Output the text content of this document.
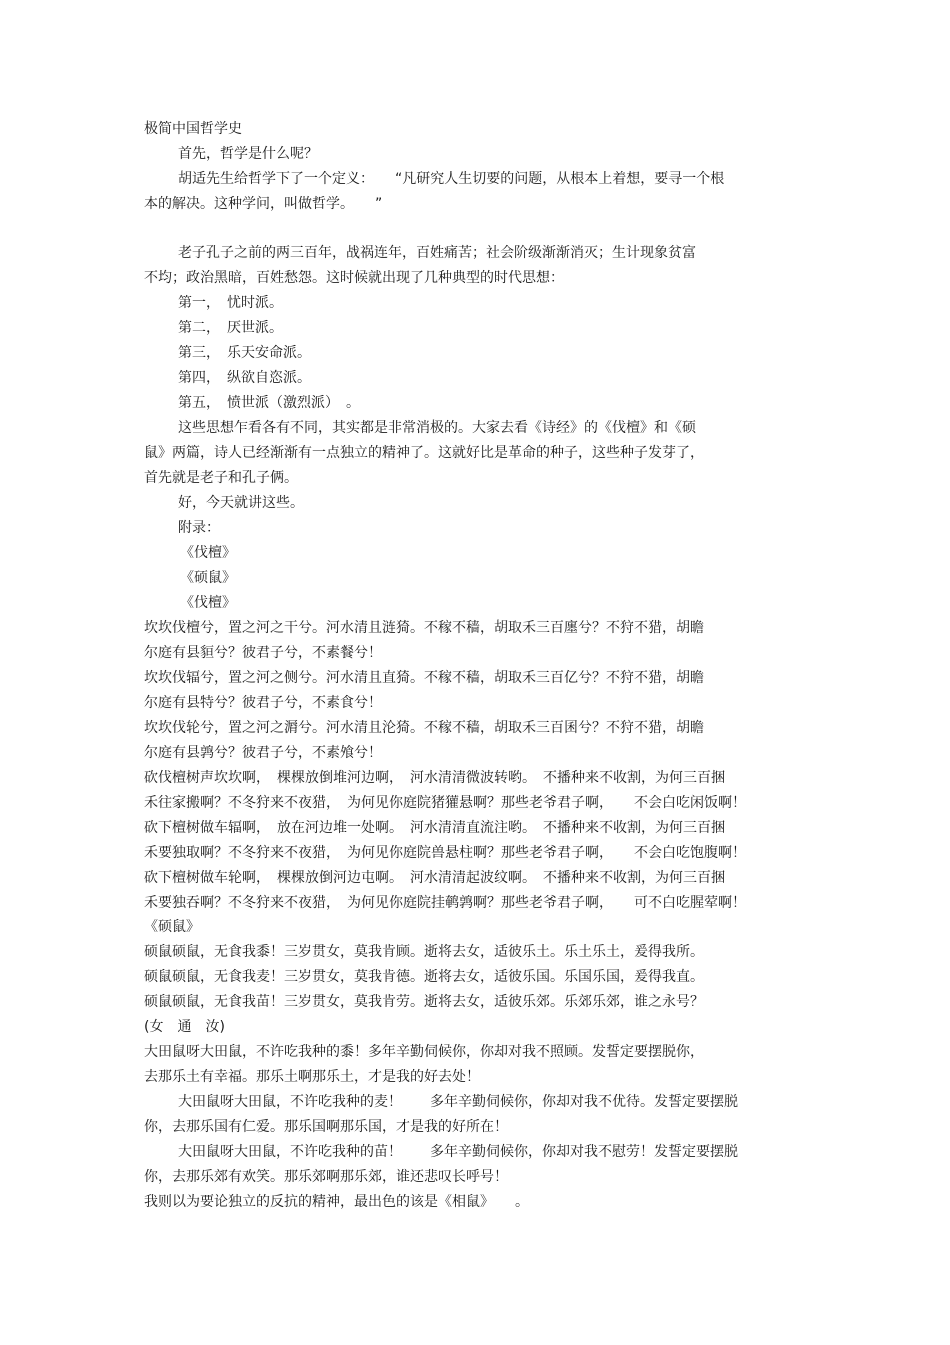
极简中国哲学史
首先，哲学是什么呢？
胡适先生给哲学下了一个定义：　　“凡研究人生切要的问题，从根本上着想，要寻一个根
本的解决。这种学问，叫做哲学。　　”
老子孔子之前的两三百年，战祸连年，百姓痛苦；社会阶级渐渐消灭；生计现象贫富
不均；政治黑暗，百姓愁怨。这时候就出现了几种典型的时代思想：
第一，　忧时派。
第二，　厌世派。
第三，　乐天安命派。
第四，　纵欲自恣派。
第五，　愤世派（激烈派）　。
这些思想乍看各有不同，其实都是非常消极的。大家去看《诗经》的《伐檀》和《硕
鼠》两篇，诗人已经渐渐有一点独立的精神了。这就好比是革命的种子，这些种子发芽了，
首先就是老子和孔子俩。
好，今天就讲这些。
附录：
《伐檀》
《硕鼠》
《伐檀》
坎坎伐檀兮，置之河之干兮。河水清且涟猗。不稼不穑，胡取禾三百廛兮？不狩不猎，胡瞻
尔庭有县貆兮？彼君子兮，不素餐兮！
坎坎伐辐兮，置之河之侧兮。河水清且直猗。不稼不穑，胡取禾三百亿兮？不狩不猎，胡瞻
尔庭有县特兮？彼君子兮，不素食兮！
坎坎伐轮兮，置之河之漘兮。河水清且沦猗。不稼不穑，胡取禾三百囷兮？不狩不猎，胡瞻
尔庭有县鹑兮？彼君子兮，不素飧兮！
砍伐檀树声坎坎啊，　棵棵放倒堆河边啊，　河水清清微波转哟。　不播种来不收割，为何三百捆
禾往家搬啊？不冬狩来不夜猎，　为何见你庭院猪獾悬啊？那些老爷君子啊，　　不会白吃闲饭啊！
砍下檀树做车辐啊，　放在河边堆一处啊。　河水清清直流注哟。　不播种来不收割，为何三百捆
禾要独取啊？不冬狩来不夜猎，　为何见你庭院兽悬柱啊？那些老爷君子啊，　　不会白吃饱腹啊！
砍下檀树做车轮啊，　棵棵放倒河边屯啊。　河水清清起波纹啊。　不播种来不收割，为何三百捆
禾要独吞啊？不冬狩来不夜猎，　为何见你庭院挂鹌鹑啊？那些老爷君子啊，　　可不白吃腥荤啊！
《硕鼠》
硕鼠硕鼠，无食我黍！三岁贯女，莫我肯顾。逝将去女，适彼乐土。乐土乐土，爰得我所。
硕鼠硕鼠，无食我麦！三岁贯女，莫我肯德。逝将去女，适彼乐国。乐国乐国，爰得我直。
硕鼠硕鼠，无食我苗！三岁贯女，莫我肯劳。逝将去女，适彼乐郊。乐郊乐郊，谁之永号？
(女　通　汝)
大田鼠呀大田鼠，不许吃我种的黍！多年辛勤伺候你，你却对我不照顾。发誓定要摆脱你，
去那乐土有幸福。那乐土啊那乐土，才是我的好去处！
大田鼠呀大田鼠，不许吃我种的麦！　　多年辛勤伺候你，你却对我不优待。发誓定要摆脱
你，去那乐国有仁爱。那乐国啊那乐国，才是我的好所在！
大田鼠呀大田鼠，不许吃我种的苗！　　多年辛勤伺候你，你却对我不慰劳！发誓定要摆脱
你，去那乐郊有欢笑。那乐郊啊那乐郊，谁还悲叹长呼号！
我则以为要论独立的反抗的精神，最出色的该是《相鼠》　　。
